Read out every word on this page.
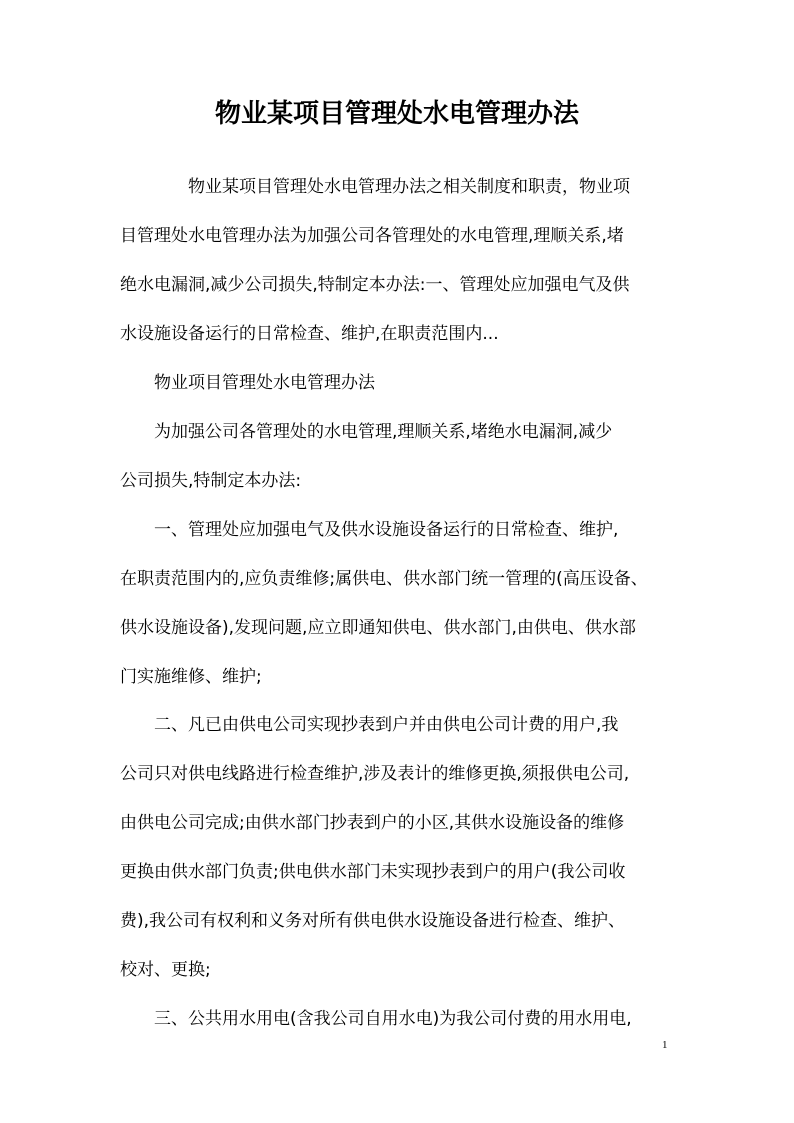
物业某项目管理处水电管理办法

　　　　物业某项目管理处水电管理办法之相关制度和职责，物业项
目管理处水电管理办法为加强公司各管理处的水电管理,理顺关系,堵
绝水电漏洞,减少公司损失,特制定本办法:一、管理处应加强电气及供
水设施设备运行的日常检查、维护,在职责范围内...

　　物业项目管理处水电管理办法

　　为加强公司各管理处的水电管理,理顺关系,堵绝水电漏洞,减少
公司损失,特制定本办法:

　　一、管理处应加强电气及供水设施设备运行的日常检查、维护,
在职责范围内的,应负责维修;属供电、供水部门统一管理的(高压设备、
供水设施设备),发现问题,应立即通知供电、供水部门,由供电、供水部
门实施维修、维护;

　　二、凡已由供电公司实现抄表到户并由供电公司计费的用户,我
公司只对供电线路进行检查维护,涉及表计的维修更换,须报供电公司,
由供电公司完成;由供水部门抄表到户的小区,其供水设施设备的维修
更换由供水部门负责;供电供水部门未实现抄表到户的用户(我公司收
费),我公司有权利和义务对所有供电供水设施设备进行检查、维护、
校对、更换;

　　三、公共用水用电(含我公司自用水电)为我公司付费的用水用电,

1
